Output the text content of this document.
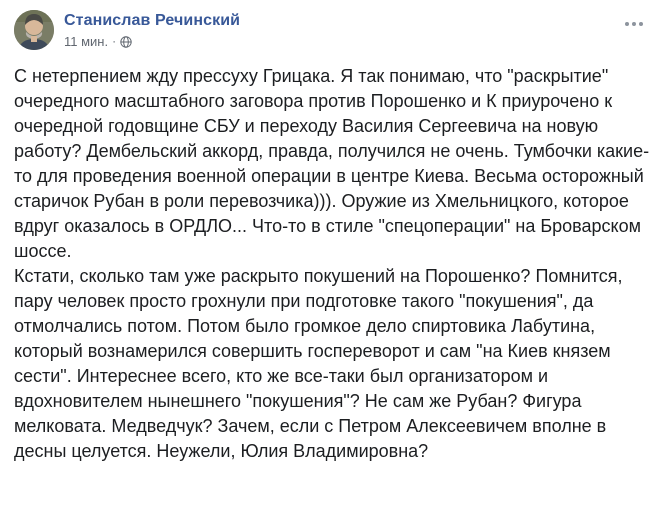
Станислав Речинский
11 мин. ·

С нетерпением жду прессуху Грицака. Я так понимаю, что "раскрытие" очередного масштабного заговора против Порошенко и К приурочено к очередной годовщине СБУ и переходу Василия Сергеевича на новую работу? Дембельский аккорд, правда, получился не очень. Тумбочки какие-то для проведения военной операции в центре Киева. Весьма осторожный старичок Рубан в роли перевозчика))). Оружие из Хмельницкого, которое вдруг оказалось в ОРДЛО... Что-то в стиле "спецоперации" на Броварском шоссе.

Кстати, сколько там уже раскрыто покушений на Порошенко? Помнится, пару человек просто грохнули при подготовке такого "покушения", да отмолчались потом. Потом было громкое дело спиртовика Лабутина, который вознамерился совершить госпереворот и сам "на Киев князем сести". Интереснее всего, кто же все-таки был организатором и вдохновителем нынешнего "покушения"? Не сам же Рубан? Фигура мелковата. Медведчук? Зачем, если с Петром Алексеевичем вполне в десны целуется. Неужели, Юлия Владимировна?
